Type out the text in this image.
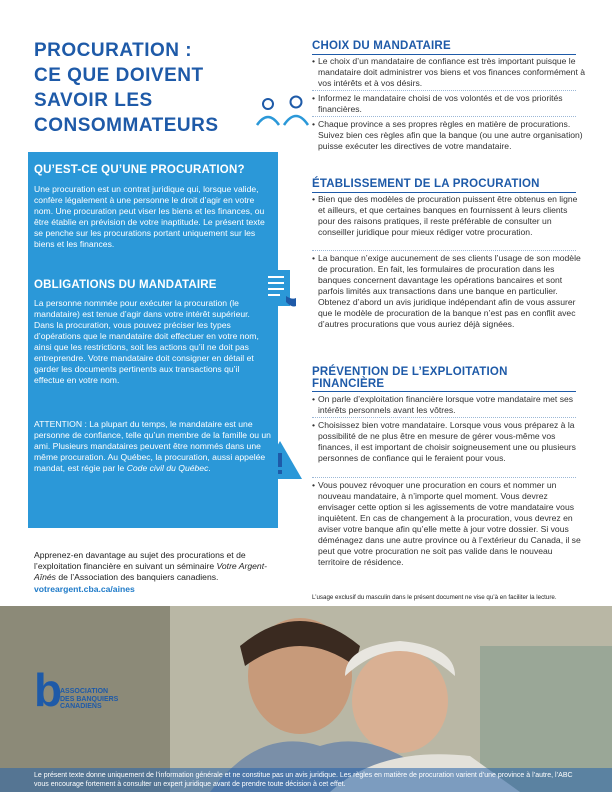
PROCURATION :
CE QUE DOIVENT
SAVOIR LES
CONSOMMATEURS
QU’EST-CE QU’UNE PROCURATION?

Une procuration est un contrat juridique qui, lorsque valide, confère légalement à une personne le droit d’agir en votre nom. Une procuration peut viser les biens et les finances, ou être établie en prévision de votre inaptitude. Le présent texte se penche sur les procurations portant uniquement sur les biens et les finances.

OBLIGATIONS DU MANDATAIRE

La personne nommée pour exécuter la procuration (le mandataire) est tenue d’agir dans votre intérêt supérieur. Dans la procuration, vous pouvez préciser les types d’opérations que le mandataire doit effectuer en votre nom, ainsi que les restrictions, soit les actions qu’il ne doit pas entreprendre. Votre mandataire doit consigner en détail et garder les documents pertinents aux transactions qu’il effectue en votre nom.

ATTENTION : La plupart du temps, le mandataire est une personne de confiance, telle qu’un membre de la famille ou un ami. Plusieurs mandataires peuvent être nommés dans une même procuration. Au Québec, la procuration, aussi appelée mandat, est régie par le Code civil du Québec.

Apprenez-en davantage au sujet des procurations et de l’exploitation financière en suivant un séminaire Votre Argent-Aînés de l’Association des banquiers canadiens.

votreargent.cba.ca/aines

CHOIX DU MANDATAIRE

• Le choix d’un mandataire de confiance est très important puisque le mandataire doit administrer vos biens et vos finances conformément à vos intérêts et à vos désirs.

• Informez le mandataire choisi de vos volontés et de vos priorités financières.

• Chaque province a ses propres règles en matière de procurations. Suivez bien ces règles afin que la banque (ou une autre organisation) puisse exécuter les directives de votre mandataire.

ÉTABLISSEMENT DE LA PROCURATION

• Bien que des modèles de procuration puissent être obtenus en ligne et ailleurs, et que certaines banques en fournissent à leurs clients pour des raisons pratiques, il reste préférable de consulter un conseiller juridique pour mieux rédiger votre procuration.

• La banque n’exige aucunement de ses clients l’usage de son modèle de procuration. En fait, les formulaires de procuration dans les banques concernent davantage les opérations bancaires et sont parfois limités aux transactions dans une banque en particulier. Obtenez d’abord un avis juridique indépendant afin de vous assurer que le modèle de procuration de la banque n’est pas en conflit avec d’autres procurations que vous auriez déjà signées.

PRÉVENTION DE L’EXPLOITATION
FINANCIÈRE

• On parle d’exploitation financière lorsque votre mandataire met ses intérêts personnels avant les vôtres.

• Choisissez bien votre mandataire. Lorsque vous vous préparez à la possibilité de ne plus être en mesure de gérer vous-même vos finances, il est important de choisir soigneusement une ou plusieurs personnes de confiance qui le feraient pour vous.

• Vous pouvez révoquer une procuration en cours et nommer un nouveau mandataire, à n’importe quel moment. Vous devrez envisager cette option si les agissements de votre mandataire vous inquiètent. En cas de changement à la procuration, vous devrez en aviser votre banque afin qu’elle mette à jour votre dossier. Si vous déménagez dans une autre province ou à l’extérieur du Canada, il se peut que votre procuration ne soit pas valide dans le nouveau territoire de résidence.

L’usage exclusif du masculin dans le présent document ne vise qu’à en faciliter la lecture.

b

ASSOCIATION
DES BANQUIERS
CANADIENS

Le présent texte donne uniquement de l’information générale et ne constitue pas un avis juridique. Les règles en matière de procuration varient d’une province à l’autre, l’ABC vous encourage fortement à consulter un expert juridique avant de prendre toute décision à cet effet.
